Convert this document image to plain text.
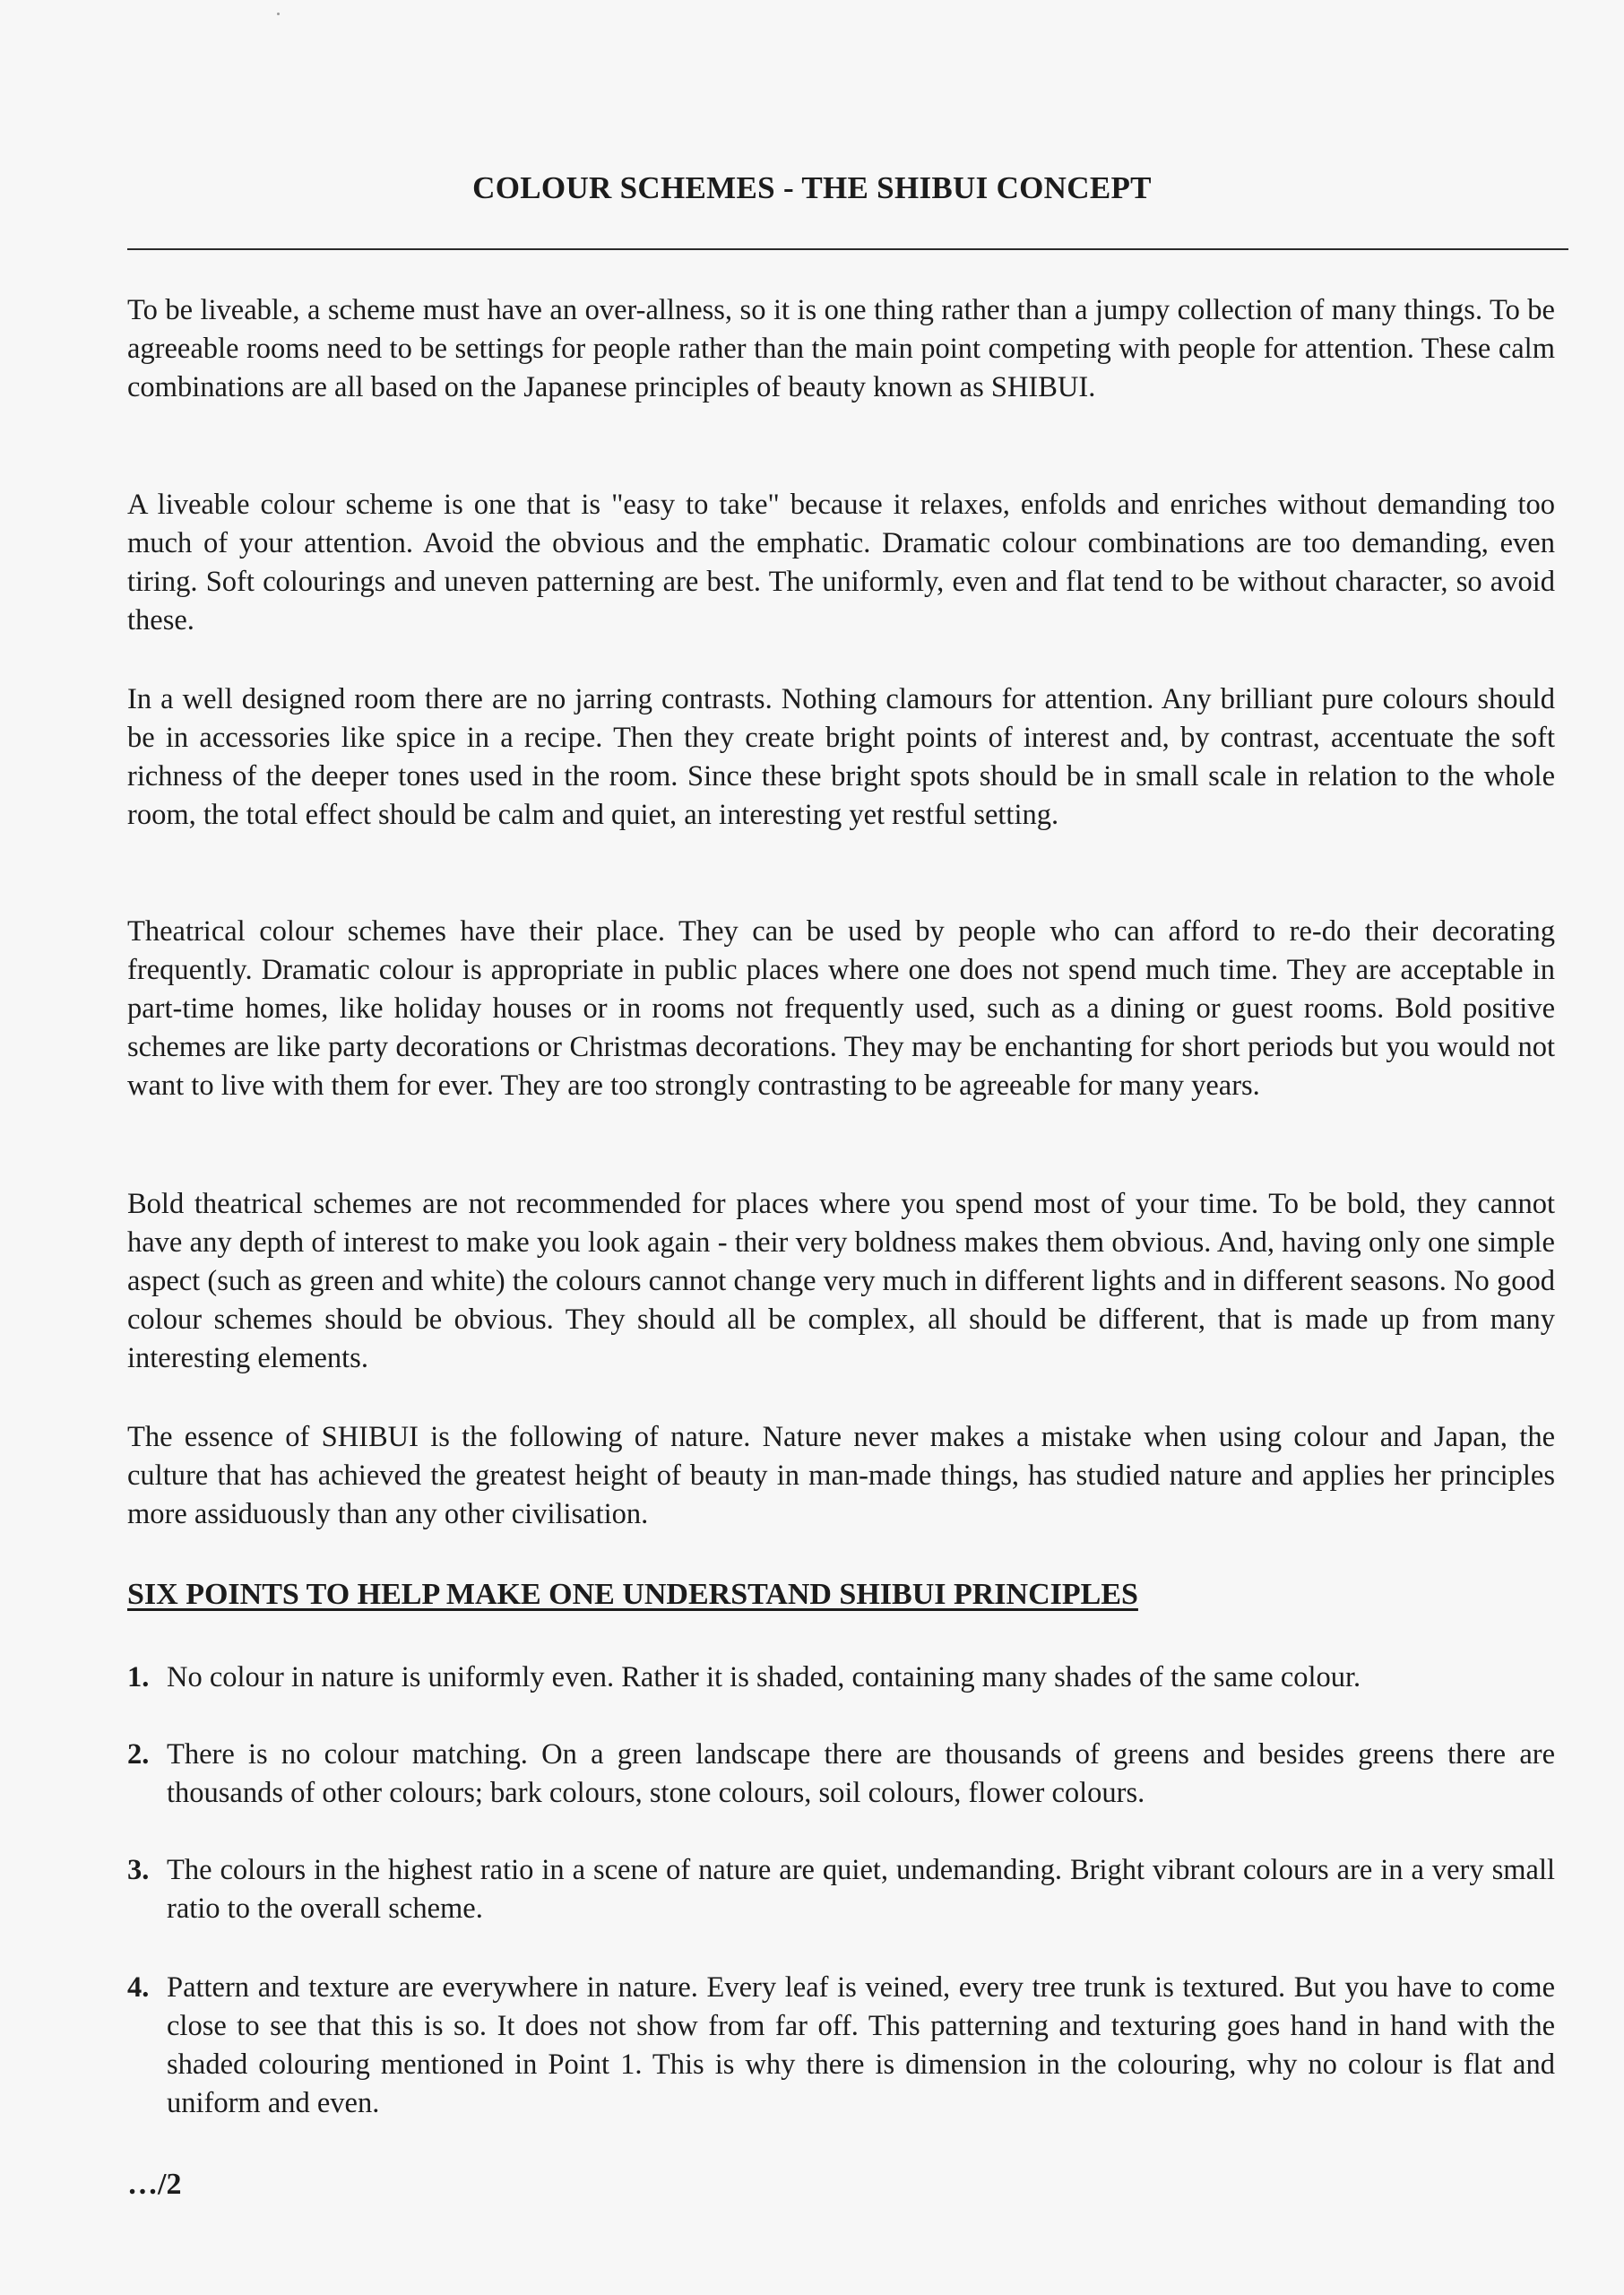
COLOUR SCHEMES - THE SHIBUI CONCEPT

To be liveable, a scheme must have an over-allness, so it is one thing rather than a jumpy collection of many things. To be agreeable rooms need to be settings for people rather than the main point competing with people for attention. These calm combinations are all based on the Japanese principles of beauty known as SHIBUI.

A liveable colour scheme is one that is "easy to take" because it relaxes, enfolds and enriches without demanding too much of your attention. Avoid the obvious and the emphatic. Dramatic colour combinations are too demanding, even tiring. Soft colourings and uneven patterning are best. The uniformly, even and flat tend to be without character, so avoid these.

In a well designed room there are no jarring contrasts. Nothing clamours for attention. Any brilliant pure colours should be in accessories like spice in a recipe. Then they create bright points of interest and, by contrast, accentuate the soft richness of the deeper tones used in the room. Since these bright spots should be in small scale in relation to the whole room, the total effect should be calm and quiet, an interesting yet restful setting.

Theatrical colour schemes have their place. They can be used by people who can afford to re-do their decorating frequently. Dramatic colour is appropriate in public places where one does not spend much time. They are acceptable in part-time homes, like holiday houses or in rooms not frequently used, such as a dining or guest rooms. Bold positive schemes are like party decorations or Christmas decorations. They may be enchanting for short periods but you would not want to live with them for ever. They are too strongly contrasting to be agreeable for many years.

Bold theatrical schemes are not recommended for places where you spend most of your time. To be bold, they cannot have any depth of interest to make you look again - their very boldness makes them obvious. And, having only one simple aspect (such as green and white) the colours cannot change very much in different lights and in different seasons. No good colour schemes should be obvious. They should all be complex, all should be different, that is made up from many interesting elements.

The essence of SHIBUI is the following of nature. Nature never makes a mistake when using colour and Japan, the culture that has achieved the greatest height of beauty in man-made things, has studied nature and applies her principles more assiduously than any other civilisation.

SIX POINTS TO HELP MAKE ONE UNDERSTAND SHIBUI PRINCIPLES
1. No colour in nature is uniformly even. Rather it is shaded, containing many shades of the same colour.
2. There is no colour matching. On a green landscape there are thousands of greens and besides greens there are thousands of other colours; bark colours, stone colours, soil colours, flower colours.
3. The colours in the highest ratio in a scene of nature are quiet, undemanding. Bright vibrant colours are in a very small ratio to the overall scheme.
4. Pattern and texture are everywhere in nature. Every leaf is veined, every tree trunk is textured. But you have to come close to see that this is so. It does not show from far off. This patterning and texturing goes hand in hand with the shaded colouring mentioned in Point 1. This is why there is dimension in the colouring, why no colour is flat and uniform and even.

…/2
